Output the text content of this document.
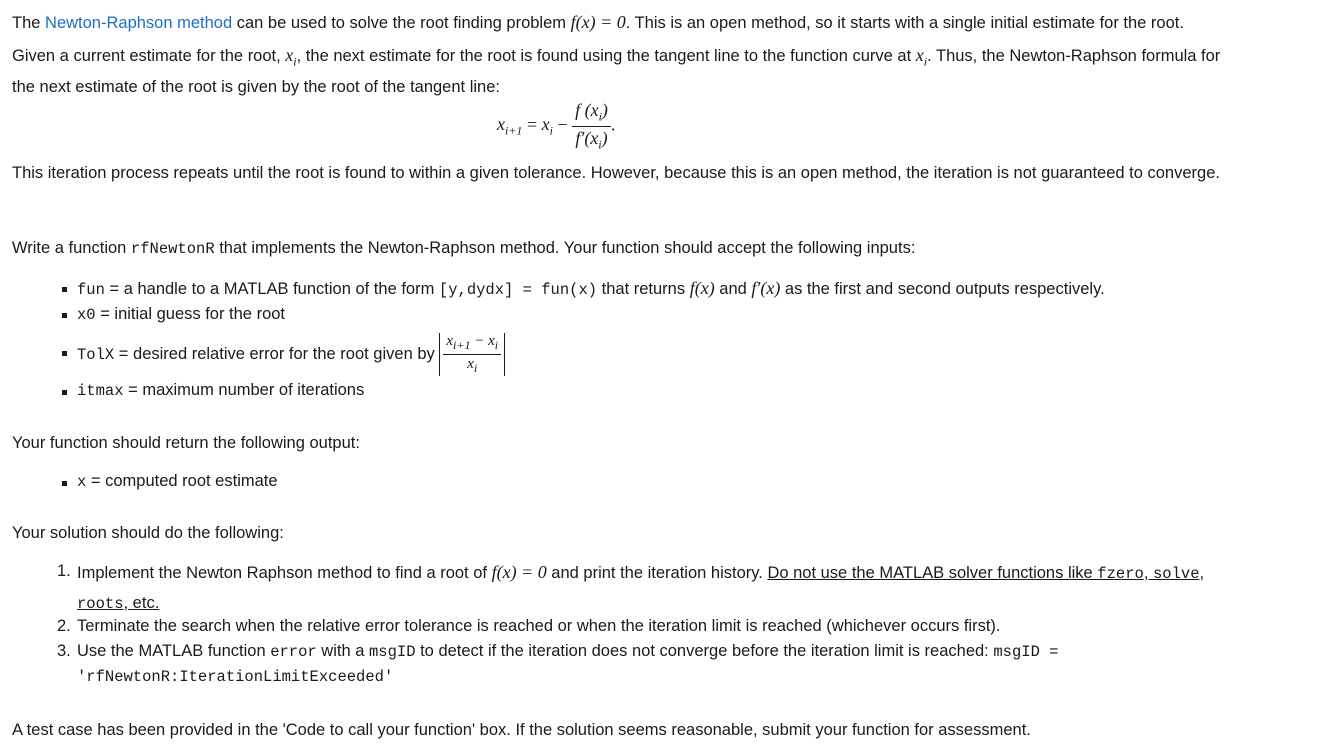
The Newton-Raphson method can be used to solve the root finding problem f(x) = 0. This is an open method, so it starts with a single initial estimate for the root.

Given a current estimate for the root, $x_i$, the next estimate for the root is found using the tangent line to the function curve at $x_i$. Thus, the Newton-Raphson formula for

the next estimate of the root is given by the root of the tangent line:

$x_{i+1} = x_i - \frac{f (x_i)}{f'(x_i)}$ .

This iteration process repeats until the root is found to within a given tolerance. However, because this is an open method, the iteration is not guaranteed to converge.

Write a function rfNewtonR that implements the Newton-Raphson method. Your function should accept the following inputs:

fun = a handle to a MATLAB function of the form [y,dydx] = fun(x) that returns f(x) and f′(x) as the first and second outputs respectively.

x0 = initial guess for the root

TolX = desired relative error for the root given by $\frac{x_{i+1} - x_i}{x_i}$

itmax = maximum number of iterations

Your function should return the following output:

x = computed root estimate

Your solution should do the following:

1. Implement the Newton Raphson method to find a root of f(x) = 0 and print the iteration history. Do not use the MATLAB solver functions like fzero, solve,

roots, etc.

2. Terminate the search when the relative error tolerance is reached or when the iteration limit is reached (whichever occurs first).

3. Use the MATLAB function error with a msgID to detect if the iteration does not converge before the iteration limit is reached: msgID =

'rfNewtonR:IterationLimitExceeded'

A test case has been provided in the 'Code to call your function' box. If the solution seems reasonable, submit your function for assessment.
